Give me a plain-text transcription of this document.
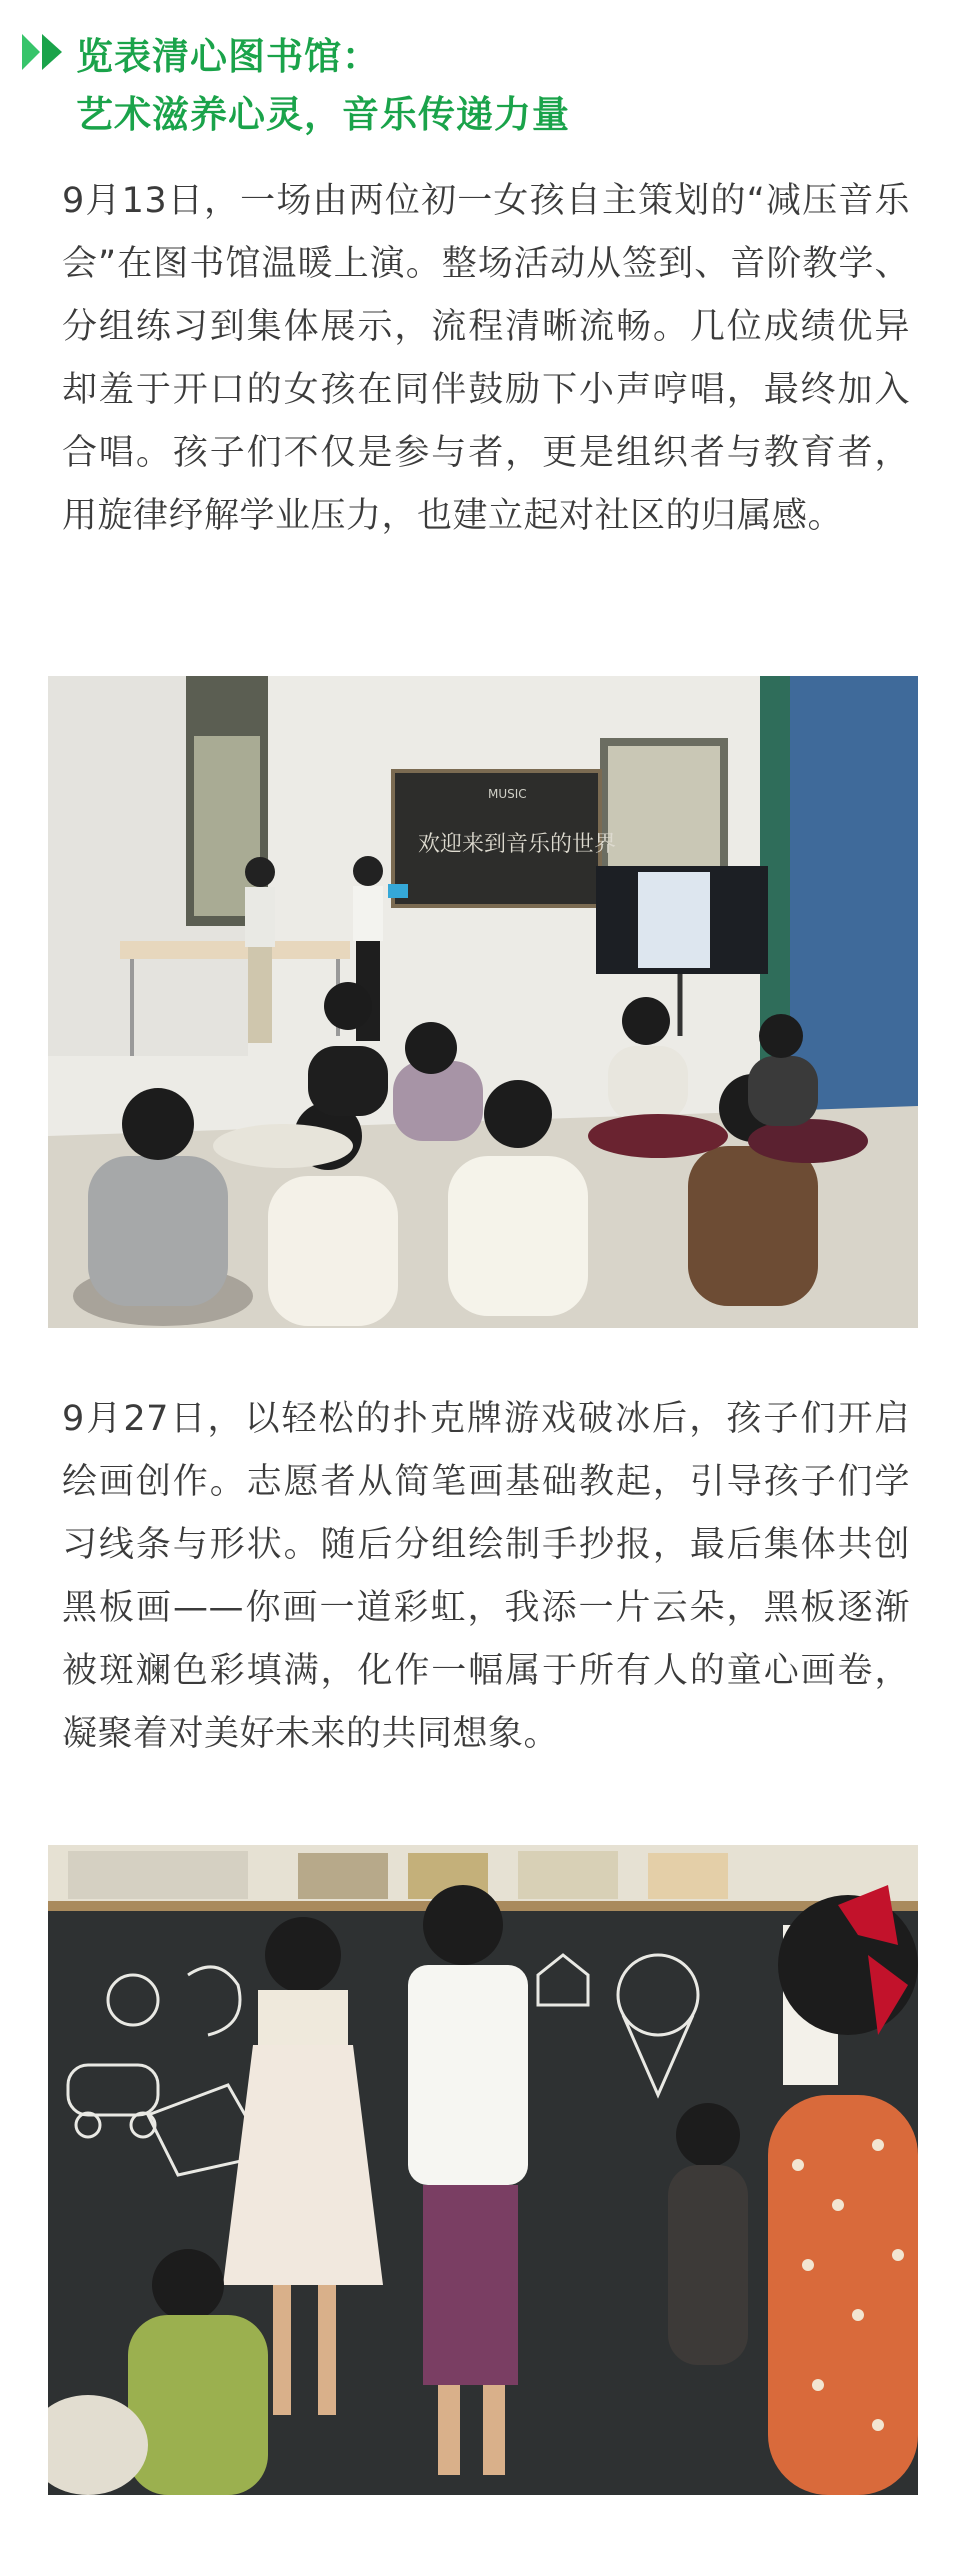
览表清心图书馆：
艺术滋养心灵，音乐传递力量

9月13日，一场由两位初一女孩自主策划的“减压音乐会”在图书馆温暖上演。整场活动从签到、音阶教学、分组练习到集体展示，流程清晰流畅。几位成绩优异却羞于开口的女孩在同伴鼓励下小声哼唱，最终加入合唱。孩子们不仅是参与者，更是组织者与教育者，用旋律纾解学业压力，也建立起对社区的归属感。

MUSIC
欢迎来到音乐的世界

9月27日，以轻松的扑克牌游戏破冰后，孩子们开启绘画创作。志愿者从简笔画基础教起，引导孩子们学习线条与形状。随后分组绘制手抄报，最后集体共创黑板画——你画一道彩虹，我添一片云朵，黑板逐渐被斑斓色彩填满，化作一幅属于所有人的童心画卷，凝聚着对美好未来的共同想象。
